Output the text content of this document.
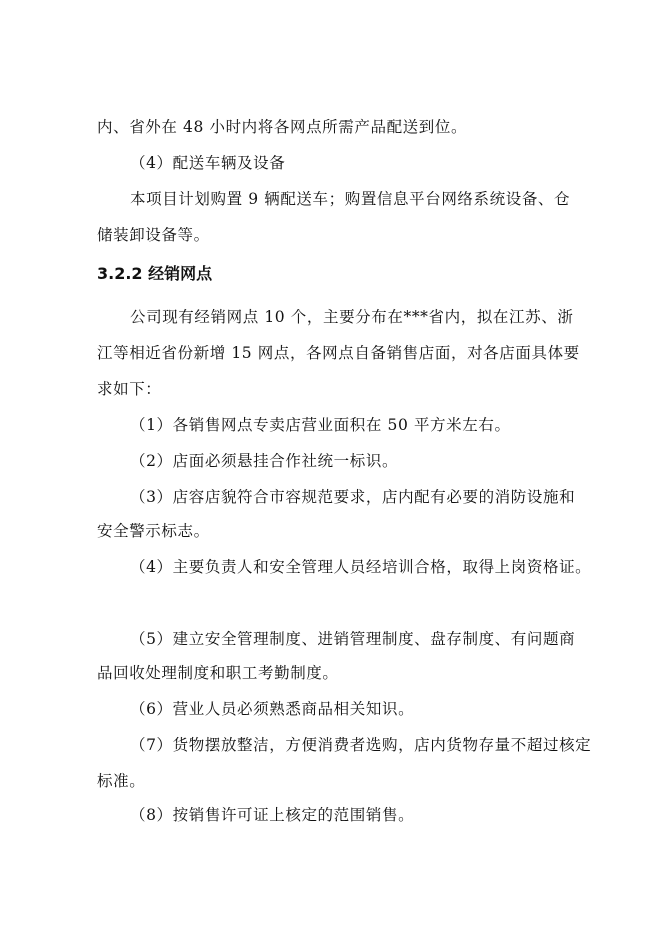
内、省外在 48 小时内将各网点所需产品配送到位。
（4）配送车辆及设备
本项目计划购置 9 辆配送车；购置信息平台网络系统设备、仓
储装卸设备等。
3.2.2 经销网点
公司现有经销网点 10 个，主要分布在***省内，拟在江苏、浙
江等相近省份新增 15 网点，各网点自备销售店面，对各店面具体要
求如下：
（1）各销售网点专卖店营业面积在 50 平方米左右。
（2）店面必须悬挂合作社统一标识。
（3）店容店貌符合市容规范要求，店内配有必要的消防设施和
安全警示标志。
（4）主要负责人和安全管理人员经培训合格，取得上岗资格证。
（5）建立安全管理制度、进销管理制度、盘存制度、有问题商
品回收处理制度和职工考勤制度。
（6）营业人员必须熟悉商品相关知识。
（7）货物摆放整洁，方便消费者选购，店内货物存量不超过核定
标准。
（8）按销售许可证上核定的范围销售。
